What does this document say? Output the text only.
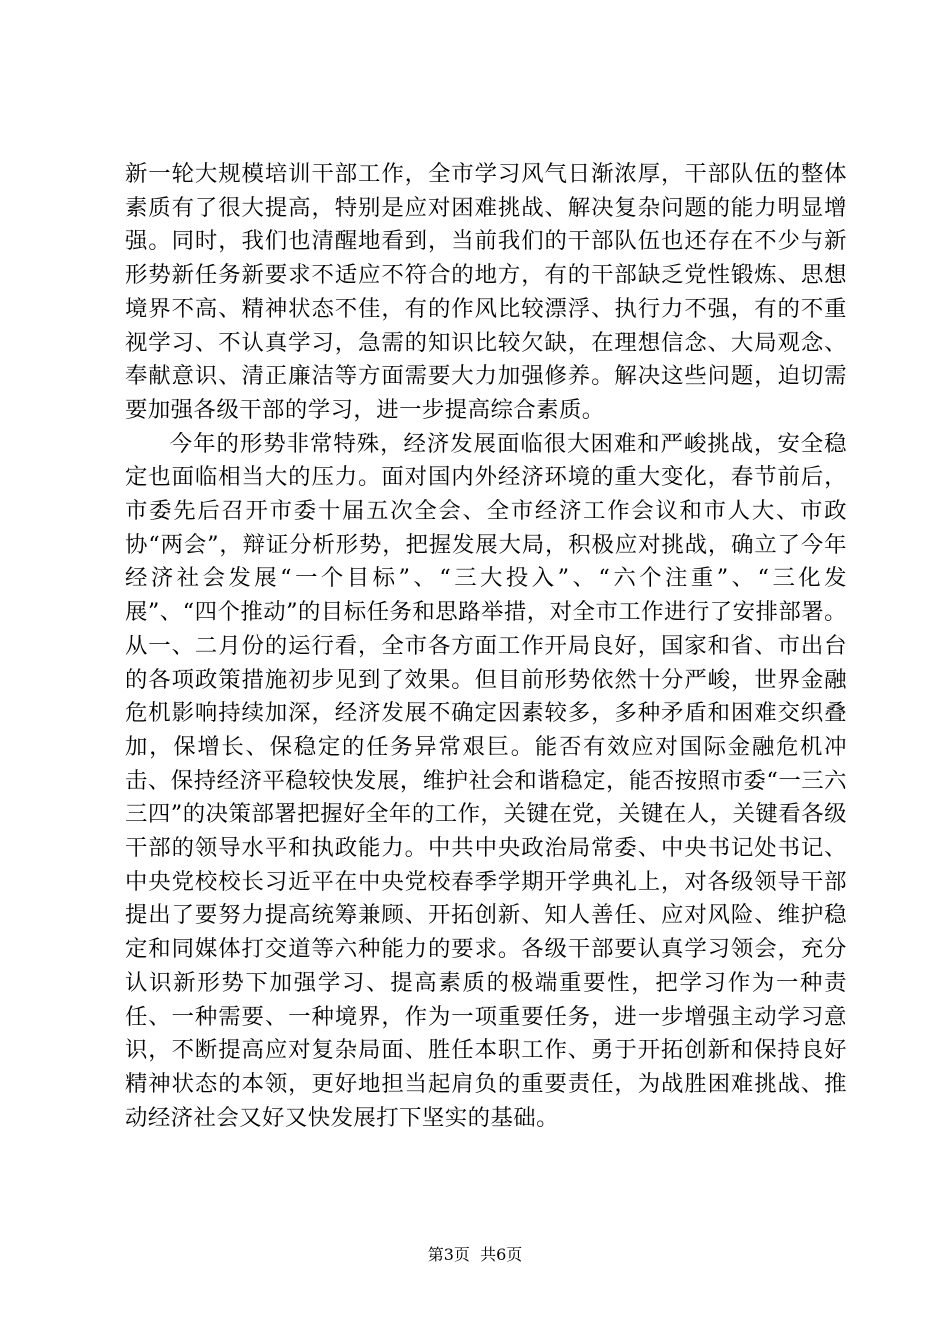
新一轮大规模培训干部工作，全市学习风气日渐浓厚，干部队伍的整体素质有了很大提高，特别是应对困难挑战、解决复杂问题的能力明显增强。同时，我们也清醒地看到，当前我们的干部队伍也还存在不少与新形势新任务新要求不适应不符合的地方，有的干部缺乏党性锻炼、思想境界不高、精神状态不佳，有的作风比较漂浮、执行力不强，有的不重视学习、不认真学习，急需的知识比较欠缺，在理想信念、大局观念、奉献意识、清正廉洁等方面需要大力加强修养。解决这些问题，迫切需要加强各级干部的学习，进一步提高综合素质。

今年的形势非常特殊，经济发展面临很大困难和严峻挑战，安全稳定也面临相当大的压力。面对国内外经济环境的重大变化，春节前后，市委先后召开市委十届五次全会、全市经济工作会议和市人大、市政协“两会”，辩证分析形势，把握发展大局，积极应对挑战，确立了今年经济社会发展“一个目标”、“三大投入”、“六个注重”、“三化发展”、“四个推动”的目标任务和思路举措，对全市工作进行了安排部署。从一、二月份的运行看，全市各方面工作开局良好，国家和省、市出台的各项政策措施初步见到了效果。但目前形势依然十分严峻，世界金融危机影响持续加深，经济发展不确定因素较多，多种矛盾和困难交织叠加，保增长、保稳定的任务异常艰巨。能否有效应对国际金融危机冲击、保持经济平稳较快发展，维护社会和谐稳定，能否按照市委“一三六三四”的决策部署把握好全年的工作，关键在党，关键在人，关键看各级干部的领导水平和执政能力。中共中央政治局常委、中央书记处书记、中央党校校长习近平在中央党校春季学期开学典礼上，对各级领导干部提出了要努力提高统筹兼顾、开拓创新、知人善任、应对风险、维护稳定和同媒体打交道等六种能力的要求。各级干部要认真学习领会，充分认识新形势下加强学习、提高素质的极端重要性，把学习作为一种责任、一种需要、一种境界，作为一项重要任务，进一步增强主动学习意识，不断提高应对复杂局面、胜任本职工作、勇于开拓创新和保持良好精神状态的本领，更好地担当起肩负的重要责任，为战胜困难挑战、推动经济社会又好又快发展打下坚实的基础。

第3页  共6页
